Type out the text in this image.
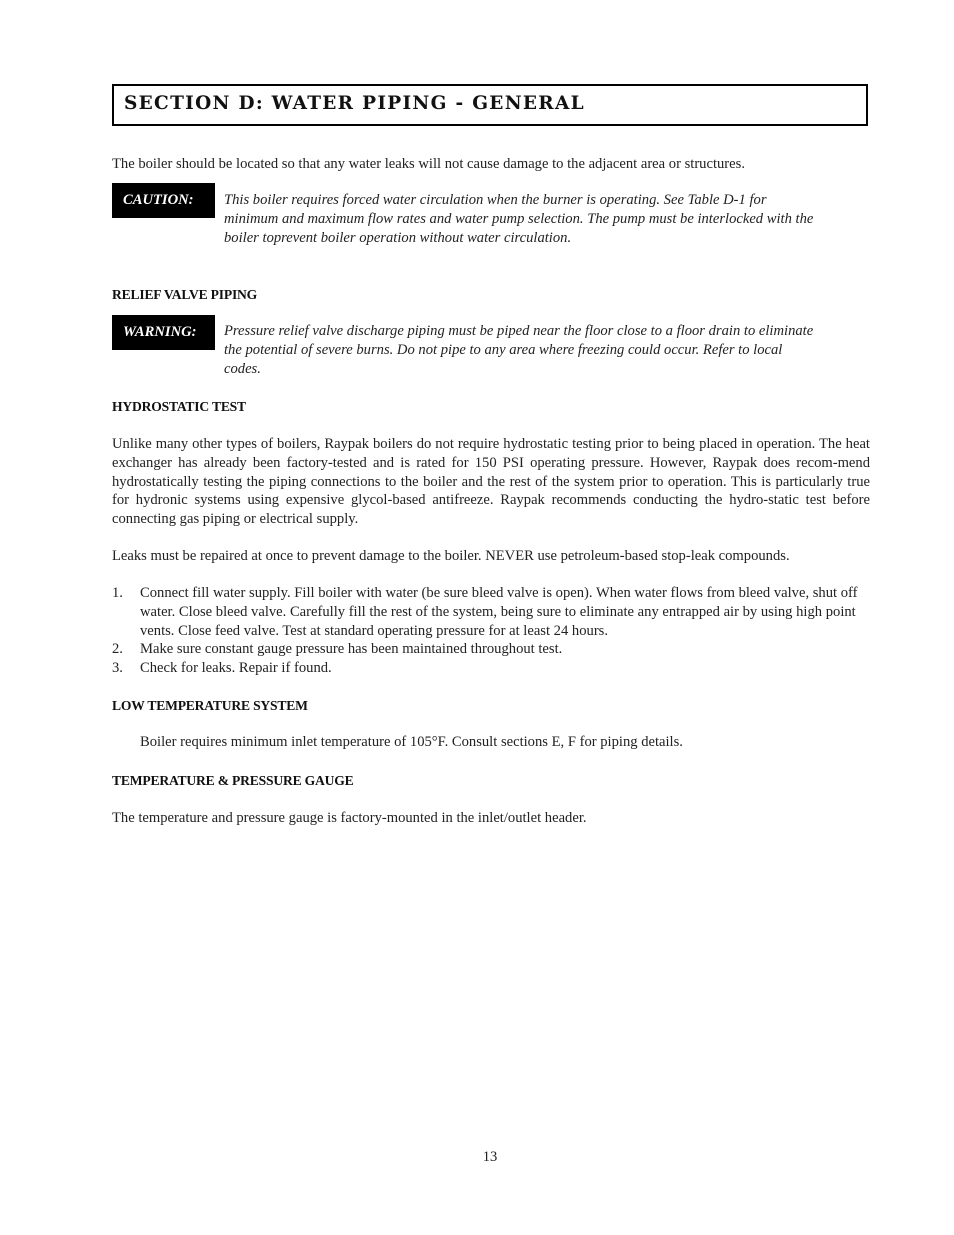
SECTION D: WATER PIPING - GENERAL
The boiler should be located so that any water leaks will not cause damage to the adjacent area or structures.
CAUTION:	This boiler requires forced water circulation when the burner is operating. See Table D-1 for
minimum and maximum flow rates and water pump selection. The pump must be interlocked with the
boiler toprevent boiler operation without water circulation.
RELIEF VALVE PIPING
WARNING:	Pressure relief valve discharge piping must be piped near the floor close to a floor drain to eliminate
the potential of severe burns. Do not pipe to any area where freezing could occur. Refer to local
codes.
HYDROSTATIC TEST
Unlike many other types of boilers, Raypak boilers do not require hydrostatic testing prior to being placed in operation. The heat exchanger has already been factory-tested and is rated for 150 PSI operating pressure. However, Raypak does recom-mend hydrostatically testing the piping connections to the boiler and the rest of the system prior to operation. This is particularly true for hydronic systems using expensive glycol-based antifreeze. Raypak recommends conducting the hydro-static test before connecting gas piping or electrical supply.
Leaks must be repaired at once to prevent damage to the boiler. NEVER use petroleum-based stop-leak compounds.
1. Connect fill water supply. Fill boiler with water (be sure bleed valve is open). When water flows from bleed valve, shut off water. Close bleed valve. Carefully fill the rest of the system, being sure to eliminate any entrapped air by using high point vents. Close feed valve. Test at standard operating pressure for at least 24 hours.
2. Make sure constant gauge pressure has been maintained throughout test.
3. Check for leaks. Repair if found.
LOW TEMPERATURE SYSTEM
Boiler requires minimum inlet temperature of 105°F. Consult sections E, F for piping details.
TEMPERATURE & PRESSURE GAUGE
The temperature and pressure gauge is factory-mounted in the inlet/outlet header.
13
